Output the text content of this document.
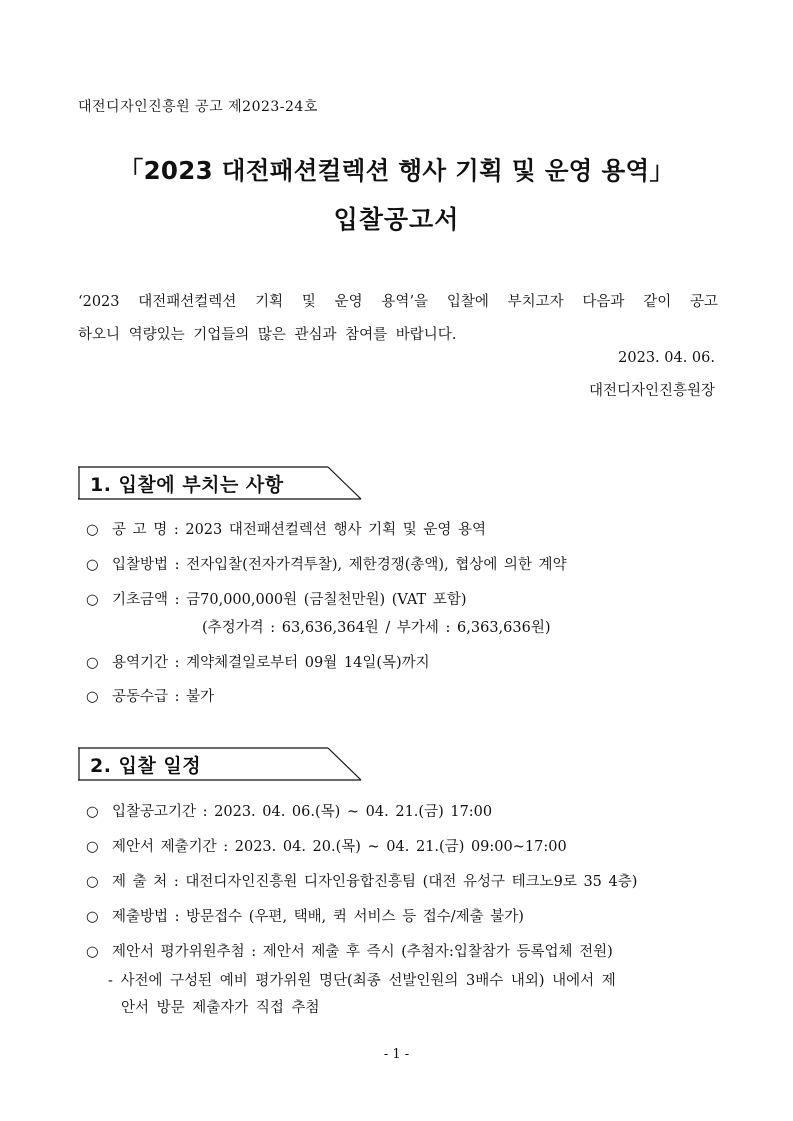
대전디자인진흥원 공고 제2023-24호
「2023 대전패션컬렉션 행사 기획 및 운영 용역」
입찰공고서
‘2023 대전패션컬렉션 기획 및 운영 용역’을 입찰에 부치고자 다음과 같이 공고
하오니 역량있는 기업들의 많은 관심과 참여를 바랍니다.
2023. 04. 06.
대전디자인진흥원장
1. 입찰에 부치는 사항
○ 공 고 명 : 2023 대전패션컬렉션 행사 기획 및 운영 용역
○ 입찰방법 : 전자입찰(전자가격투찰), 제한경쟁(총액), 협상에 의한 계약
○ 기초금액 : 금70,000,000원 (금칠천만원) (VAT 포함)
(추정가격 : 63,636,364원 / 부가세 : 6,363,636원)
○ 용역기간 : 계약체결일로부터 09월 14일(목)까지
○ 공동수급 : 불가
2. 입찰 일정
○ 입찰공고기간 : 2023. 04. 06.(목) ~ 04. 21.(금) 17:00
○ 제안서 제출기간 : 2023. 04. 20.(목) ~ 04. 21.(금) 09:00~17:00
○ 제 출 처 : 대전디자인진흥원 디자인융합진흥팀 (대전 유성구 테크노9로 35 4층)
○ 제출방법 : 방문접수 (우편, 택배, 퀵 서비스 등 접수/제출 불가)
○ 제안서 평가위원추첨 : 제안서 제출 후 즉시 (추첨자:입찰참가 등록업체 전원)
- 사전에 구성된 예비 평가위원 명단(최종 선발인원의 3배수 내외) 내에서 제
안서 방문 제출자가 직접 추첨
- 1 -
